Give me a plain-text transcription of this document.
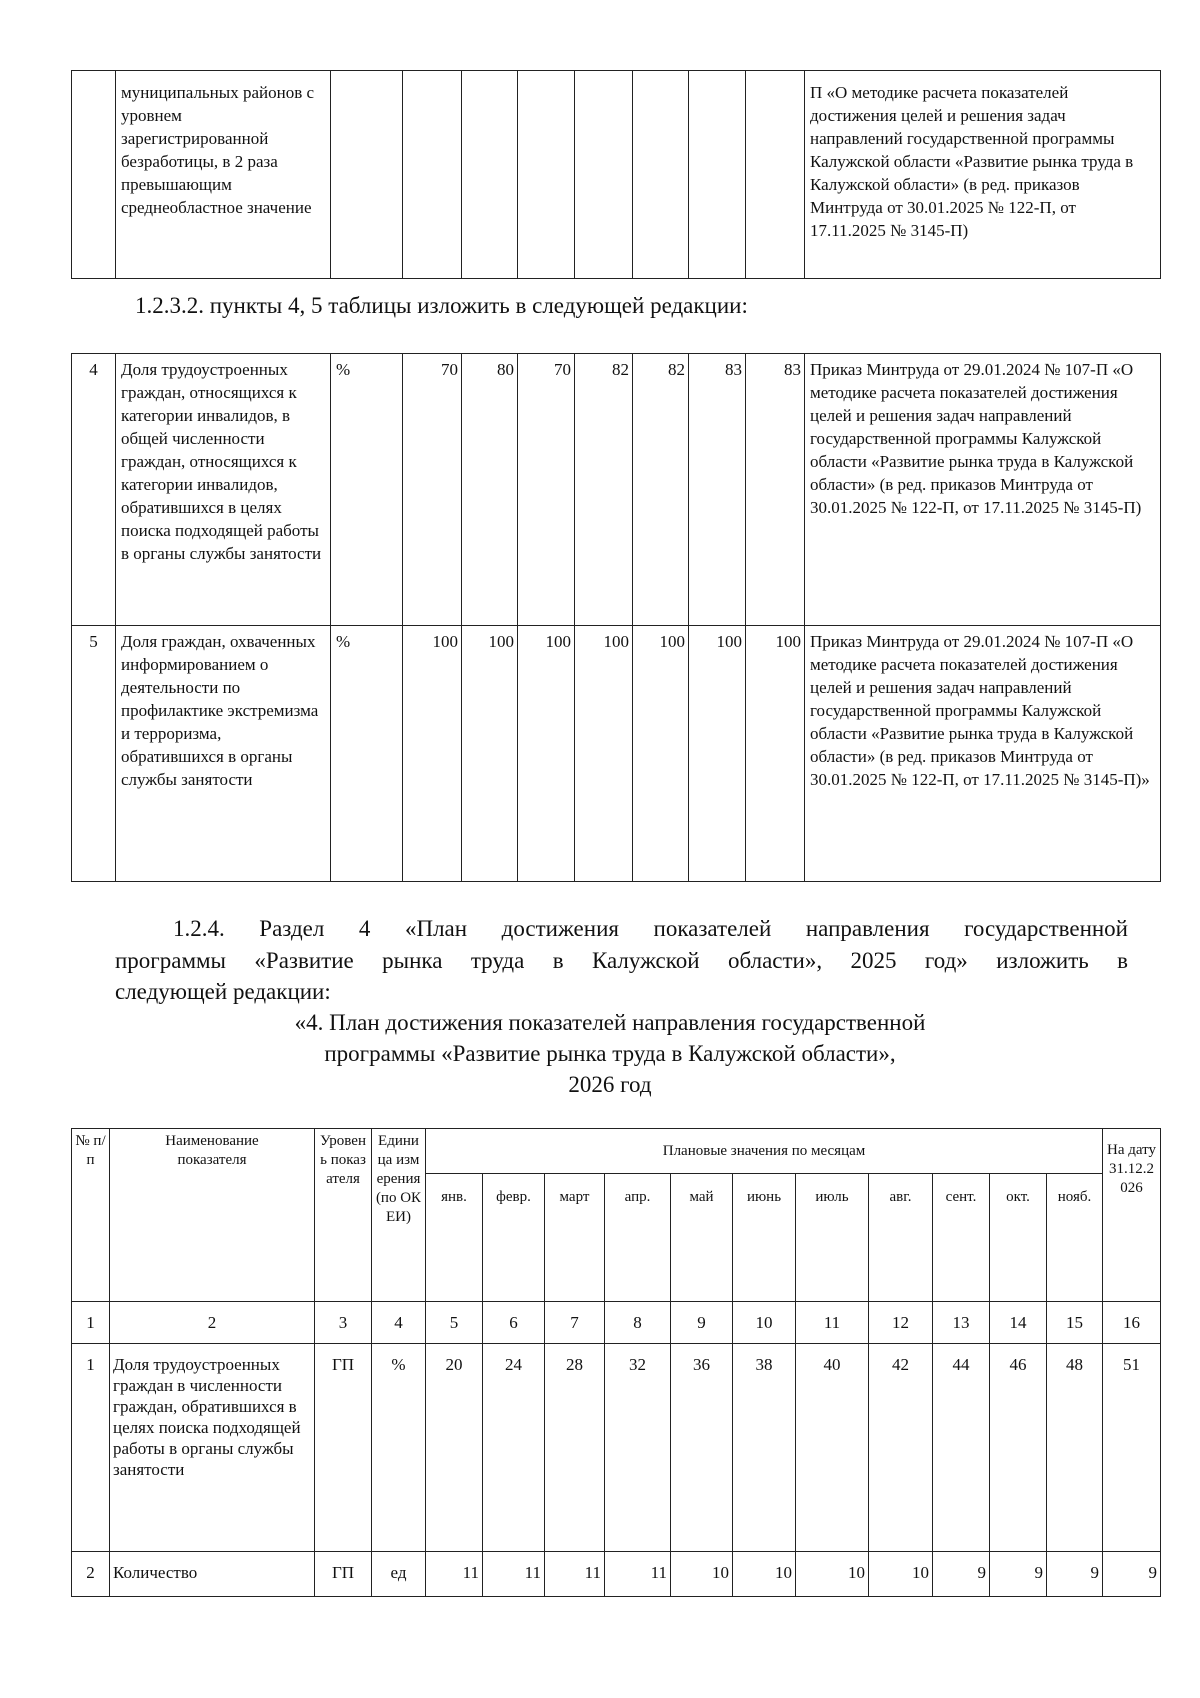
	муниципальных районов с уровнем зарегистрированной безработицы, в 2 раза превышающим среднеобластное значение									П «О методике расчета показателей достижения целей и решения задач направлений государственной программы Калужской области «Развитие рынка труда в Калужской области» (в ред. приказов Минтруда от 30.01.2025 № 122-П, от 17.11.2025 № 3145-П)

1.2.3.2. пункты 4, 5 таблицы изложить в следующей редакции:

4	Доля трудоустроенных граждан, относящихся к категории инвалидов, в общей численности граждан, относящихся к категории инвалидов, обратившихся в целях поиска подходящей работы в органы службы занятости	%	70	80	70	82	82	83	83	Приказ Минтруда от 29.01.2024 № 107-П «О методике расчета показателей достижения целей и решения задач направлений государственной программы Калужской области «Развитие рынка труда в Калужской области» (в ред. приказов Минтруда от 30.01.2025 № 122-П, от 17.11.2025 № 3145-П)
5	Доля граждан, охваченных информированием о деятельности по профилактике экстремизма и терроризма, обратившихся в органы службы занятости	%	100	100	100	100	100	100	100	Приказ Минтруда от 29.01.2024 № 107-П «О методике расчета показателей достижения целей и решения задач направлений государственной программы Калужской области «Развитие рынка труда в Калужской области» (в ред. приказов Минтруда от 30.01.2025 № 122-П, от 17.11.2025 № 3145-П)»

1.2.4. Раздел 4 «План достижения показателей направления государственной

программы «Развитие рынка труда в Калужской области», 2025 год» изложить в

следующей редакции:

«4. План достижения показателей направления государственной

программы «Развитие рынка труда в Калужской области»,

2026 год

№ п/п	Наименование показателя	Уровень показателя	Единица измерения (по ОКЕИ)	Плановые значения по месяцам											На дату 31.12.2026
				янв.	февр.	март	апр.	май	июнь	июль	авг.	сент.	окт.	нояб.	
1	2	3	4	5	6	7	8	9	10	11	12	13	14	15	16
1	Доля трудоустроенных граждан в численности граждан, обратившихся в целях поиска подходящей работы в органы службы занятости	ГП	%	20	24	28	32	36	38	40	42	44	46	48	51
2	Количество	ГП	ед	11	11	11	11	10	10	10	10	9	9	9	9
